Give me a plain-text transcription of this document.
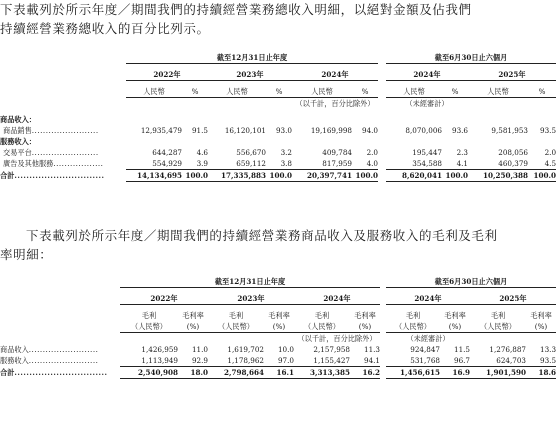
下表載列於所示年度／期間我們的持續經營業務總收入明細，以絕對金額及佔我們
持續經營業務總收入的百分比列示。

	截至12月31日止年度							截至6月30日止六個月			

	2022年		2023年		2024年			2024年		2025年	

	人民幣	%	人民幣	%	人民幣	%		人民幣	%	人民幣	%
					（以千計，百分比除外）			（未經審計）			

商品收入：											
商品銷售........................	12,935,479	91.5	16,120,101	93.0	19,169,998	94.0		8,070,006	93.6	9,581,953	93.5
服務收入：											
交易平台........................	644,287	4.6	556,670	3.2	409,784	2.0		195,447	2.3	208,056	2.0
廣告及其他服務..................	554,929	3.9	659,112	3.8	817,959	4.0		354,588	4.1	460,379	4.5
合計..............................	14,134,695	100.0	17,335,883	100.0	20,397,741	100.0		8,620,041	100.0	10,250,388	100.0
下表載列於所示年度／期間我們的持續經營業務商品收入及服務收入的毛利及毛利
率明細：

	截至12月31日止年度							截至6月30日止六個月			

	2022年		2023年		2024年			2024年		2025年	

	毛利	毛利率	毛利	毛利率	毛利	毛利率		毛利	毛利率	毛利	毛利率
	（人民幣）	(%)	（人民幣）	(%)	（人民幣）	(%)		（人民幣）	(%)	（人民幣）	(%)
					（以千計，百分比除外）			（未經審計）			
商品收入.........................	1,426,959	11.0	1,619,702	10.0	2,157,958	11.3		924,847	11.5	1,276,887	13.3
服務收入.........................	1,113,949	92.9	1,178,962	97.0	1,155,427	94.1		531,768	96.7	624,703	93.5
合計...............................	2,540,908	18.0	2,798,664	16.1	3,313,385	16.2		1,456,615	16.9	1,901,590	18.6
